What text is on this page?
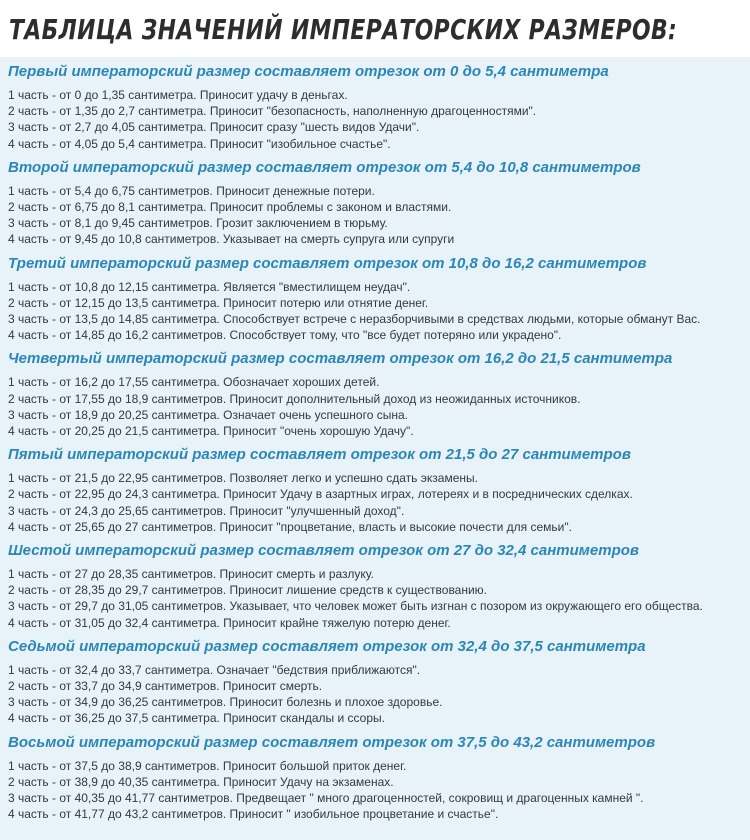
ТАБЛИЦА ЗНАЧЕНИЙ ИМПЕРАТОРСКИХ РАЗМЕРОВ:
Первый императорский размер составляет отрезок от 0 до 5,4 сантиметра

1 часть - от 0 до 1,35 сантиметра. Приносит удачу в деньгах.

2 часть - от 1,35 до 2,7 сантиметра. Приносит "безопасность, наполненную драгоценностями".

3 часть - от 2,7 до 4,05 сантиметра. Приносит сразу "шесть видов Удачи".

4 часть - от 4,05 до 5,4 сантиметра. Приносит "изобильное счастье".

Второй императорский размер составляет отрезок от 5,4 до 10,8 сантиметров

1 часть - от 5,4 до 6,75 сантиметров. Приносит денежные потери.

2 часть - от 6,75 до 8,1 сантиметра. Приносит проблемы с законом и властями.

3 часть - от 8,1 до 9,45 сантиметров. Грозит заключением в тюрьму.

4 часть - от 9,45 до 10,8 сантиметров. Указывает на смерть супруга или супруги

Третий императорский размер составляет отрезок от 10,8 до 16,2 сантиметров

1 часть - от 10,8 до 12,15 сантиметра. Является "вместилищем неудач".

2 часть - от 12,15 до 13,5 сантиметра. Приносит потерю или отнятие денег.

3 часть - от 13,5 до 14,85 сантиметра. Способствует встрече с неразборчивыми в средствах людьми, которые обманут Вас.

4 часть - от 14,85 до 16,2 сантиметров. Способствует тому, что "все будет потеряно или украдено".

Четвертый императорский размер составляет отрезок от 16,2 до 21,5 сантиметра

1 часть - от 16,2 до 17,55 сантиметра. Обозначает хороших детей.

2 часть - от 17,55 до 18,9 сантиметров. Приносит дополнительный доход из неожиданных источников.

3 часть - от 18,9 до 20,25 сантиметра. Означает очень успешного сына.

4 часть - от 20,25 до 21,5 сантиметра. Приносит "очень хорошую Удачу".

Пятый императорский размер составляет отрезок от 21,5 до 27 сантиметров

1 часть - от 21,5 до 22,95 сантиметров. Позволяет легко и успешно сдать экзамены.

2 часть - от 22,95 до 24,3 сантиметра. Приносит Удачу в азартных играх, лотереях и в посреднических сделках.

3 часть - от 24,3 до 25,65 сантиметров. Приносит "улучшенный доход".

4 часть - от 25,65 до 27 сантиметров. Приносит "процветание, власть и высокие почести для семьи".

Шестой императорский размер составляет отрезок от 27 до 32,4 сантиметров

1 часть - от 27 до 28,35 сантиметров. Приносит смерть и разлуку.

2 часть - от 28,35 до 29,7 сантиметров. Приносит лишение средств к существованию.

3 часть - от 29,7 до 31,05 сантиметров. Указывает, что человек может быть изгнан с позором из окружающего его общества.

4 часть - от 31,05 до 32,4 сантиметра. Приносит крайне тяжелую потерю денег.

Седьмой императорский размер составляет отрезок от 32,4 до 37,5 сантиметра

1 часть - от 32,4 до 33,7 сантиметра. Означает "бедствия приближаются".

2 часть - от 33,7 до 34,9 сантиметров. Приносит смерть.

3 часть - от 34,9 до 36,25 сантиметров. Приносит болезнь и плохое здоровье.

4 часть - от 36,25 до 37,5 сантиметра. Приносит скандалы и ссоры.

Восьмой императорский размер составляет отрезок от 37,5 до 43,2 сантиметров

1 часть - от 37,5 до 38,9 сантиметров. Приносит большой приток денег.

2 часть - от 38,9 до 40,35 сантиметра. Приносит Удачу на экзаменах.

3 часть - от 40,35 до 41,77 сантиметров. Предвещает " много драгоценностей, сокровищ и драгоценных камней ".

4 часть - от 41,77 до 43,2 сантиметров. Приносит " изобильное процветание и счастье".
